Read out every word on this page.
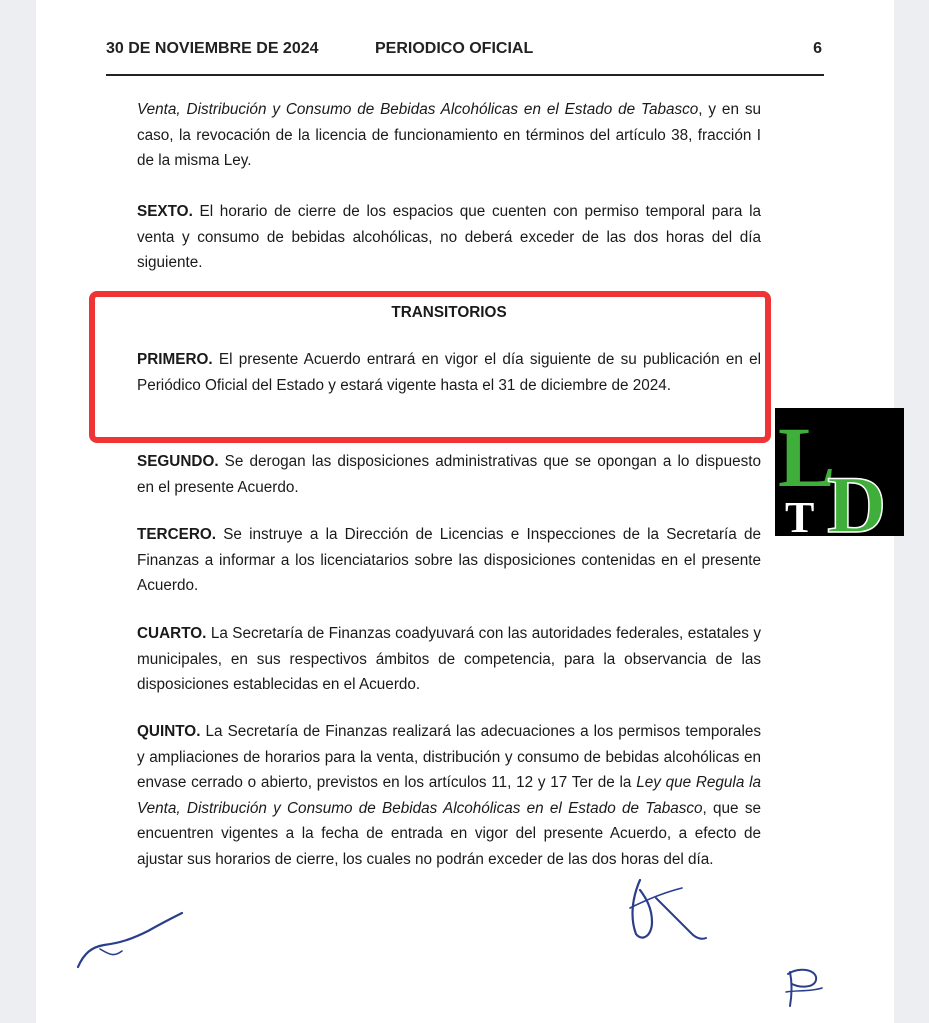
30 DE NOVIEMBRE DE 2024	PERIODICO OFICIAL	6
Venta, Distribución y Consumo de Bebidas Alcohólicas en el Estado de Tabasco, y en su caso, la revocación de la licencia de funcionamiento en términos del artículo 38, fracción I de la misma Ley.
SEXTO. El horario de cierre de los espacios que cuenten con permiso temporal para la venta y consumo de bebidas alcohólicas, no deberá exceder de las dos horas del día siguiente.
TRANSITORIOS
PRIMERO. El presente Acuerdo entrará en vigor el día siguiente de su publicación en el Periódico Oficial del Estado y estará vigente hasta el 31 de diciembre de 2024.
SEGUNDO. Se derogan las disposiciones administrativas que se opongan a lo dispuesto en el presente Acuerdo.
TERCERO. Se instruye a la Dirección de Licencias e Inspecciones de la Secretaría de Finanzas a informar a los licenciatarios sobre las disposiciones contenidas en el presente Acuerdo.
CUARTO. La Secretaría de Finanzas coadyuvará con las autoridades federales, estatales y municipales, en sus respectivos ámbitos de competencia, para la observancia de las disposiciones establecidas en el Acuerdo.
QUINTO. La Secretaría de Finanzas realizará las adecuaciones a los permisos temporales y ampliaciones de horarios para la venta, distribución y consumo de bebidas alcohólicas en envase cerrado o abierto, previstos en los artículos 11, 12 y 17 Ter de la Ley que Regula la Venta, Distribución y Consumo de Bebidas Alcohólicas en el Estado de Tabasco, que se encuentren vigentes a la fecha de entrada en vigor del presente Acuerdo, a efecto de ajustar sus horarios de cierre, los cuales no podrán exceder de las dos horas del día.
L
D
T
